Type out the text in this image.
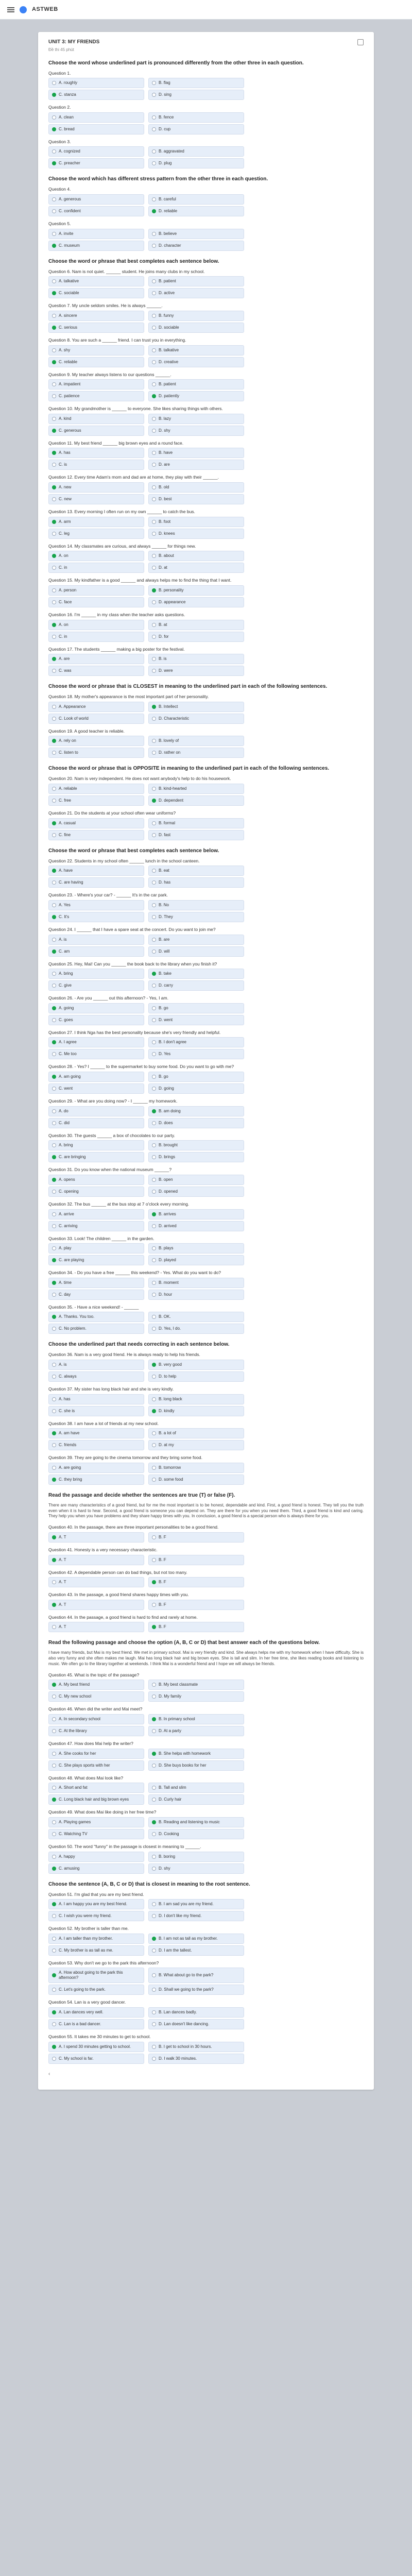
ASTWEB
UNIT 3: MY FRIENDS
Đề thi 45 phút
Choose the word whose underlined part is pronounced differently from the other three in each question.
Question 1.
A. roughly	B. flag
C. stanza	D. sing
Question 2.
A. clean	B. fence
C. bread	D. cup
Question 3.
A. cognized	B. aggravated
C. preacher	D. plug
Choose the word which has different stress pattern from the other three in each question.
Question 4.
A. generous	B. careful
C. confident	D. reliable
Question 5.
A. invite	B. believe
C. museum	D. character
Choose the word or phrase that best completes each sentence below.
Question 6. Nam is not quiet. ______ student. He joins many clubs in my school.
A. talkative	B. patient
C. sociable	D. active
Question 7. My uncle seldom smiles. He is always ______.
A. sincere	B. funny
C. serious	D. sociable
Question 8. You are such a ______ friend. I can trust you in everything.
A. shy	B. talkative
C. reliable	D. creative
Question 9. My teacher always listens to our questions ______.
A. impatient	B. patient
C. patience	D. patiently
Question 10. My grandmother is ______ to everyone. She likes sharing things with others.
A. kind	B. lazy
C. generous	D. shy
Question 11. My best friend ______ big brown eyes and a round face.
A. has	B. have
C. is	D. are
Question 12. Every time Adam's mom and dad are at home, they play with their ______.
A. new	B. old
C. new	D. best
Question 13. Every morning I often run on my own ______ to catch the bus.
A. arm	B. foot
C. leg	D. knees
Question 14. My classmates are curious, and always ______ for things new.
A. on	B. about
C. in	D. at
Question 15. My kindfather is a good ______ and always helps me to find the thing that I want.
A. person	B. personality
C. face	D. appearance
Question 16. I'm ______ in my class when the teacher asks questions.
A. on	B. at
C. in	D. for
Question 17. The students ______ making a big poster for the festival.
A. are	B. is
C. was	D. were
Choose the word or phrase that is CLOSEST in meaning to the underlined part in each of the following sentences.
Question 18. My mother's appearance is the most important part of her personality.
A. Appearance	B. Intellect
C. Look of world	D. Characteristic
Question 19. A good teacher is reliable.
A. rely on	B. lovely of
C. listen to	D. rather on
Choose the word or phrase that is OPPOSITE in meaning to the underlined part in each of the following sentences.
Question 20. Nam is very independent. He does not want anybody's help to do his housework.
A. reliable	B. kind-hearted
C. free	D. dependent
Question 21. Do the students at your school often wear uniforms?
A. casual	B. formal
C. fine	D. fast
Choose the word or phrase that best completes each sentence below.
Question 22. Students in my school often ______ lunch in the school canteen.
A. have	B. eat
C. are having	D. has
Question 23. - Where's your car? - ______ It's in the car park.
A. Yes	B. No
C. It's	D. They
Question 24. I ______ that I have a spare seat at the concert. Do you want to join me?
A. is	B. are
C. am	D. will
Question 25. Hey, Mai! Can you ______ the book back to the library when you finish it?
A. bring	B. take
C. give	D. carry
Question 26. - Are you ______ out this afternoon? - Yes, I am.
A. going	B. go
C. goes	D. went
Question 27. I think Nga has the best personality because she's very friendly and helpful.
A. I agree	B. I don't agree
C. Me too	D. Yes
Question 28. - Yes? I ______ to the supermarket to buy some food. Do you want to go with me?
A. am going	B. go
C. went	D. going
Question 29. - What are you doing now? - I ______ my homework.
A. do	B. am doing
C. did	D. does
Question 30. The guests ______ a box of chocolates to our party.
A. bring	B. brought
C. are bringing	D. brings
Question 31. Do you know when the national museum ______?
A. opens	B. open
C. opening	D. opened
Question 32. The bus ______ at the bus stop at 7 o'clock every morning.
A. arrive	B. arrives
C. arriving	D. arrived
Question 33. Look! The children ______ in the garden.
A. play	B. plays
C. are playing	D. played
Question 34. - Do you have a free ______ this weekend? - Yes. What do you want to do?
A. time	B. moment
C. day	D. hour
Question 35. - Have a nice weekend! - ______
A. Thanks. You too.	B. OK.
C. No problem.	D. Yes, I do.
Choose the underlined part that needs correcting in each sentence below.
Question 36. Nam is a very good friend. He is always ready to help his friends.
A. is	B. very good
C. always	D. to help
Question 37. My sister has long black hair and she is very kindly.
A. has	B. long black
C. she is	D. kindly
Question 38. I am have a lot of friends at my new school.
A. am have	B. a lot of
C. friends	D. at my
Question 39. They are going to the cinema tomorrow and they bring some food.
A. are going	B. tomorrow
C. they bring	D. some food
Read the passage and decide whether the sentences are true (T) or false (F).
There are many characteristics of a good friend, but for me the most important is to be honest, dependable and kind. First, a good friend is honest. They tell you the truth even when it is hard to hear. Second, a good friend is someone you can depend on. They are there for you when you need them. Third, a good friend is kind and caring. They help you when you have problems and they share happy times with you. In conclusion, a good friend is a special person who is always there for you.
Question 40. In the passage, there are three important personalities to be a good friend.
A. T	B. F
Question 41. Honesty is a very necessary characteristic.
A. T	B. F
Question 42. A dependable person can do bad things, but not too many.
A. T	B. F
Question 43. In the passage, a good friend shares happy times with you.
A. T	B. F
Question 44. In the passage, a good friend is hard to find and rarely at home.
A. T	B. F
Read the following passage and choose the option (A, B, C or D) that best answer each of the questions below.
I have many friends, but Mai is my best friend. We met in primary school. Mai is very friendly and kind. She always helps me with my homework when I have difficulty. She is also very funny and she often makes me laugh. Mai has long black hair and big brown eyes. She is tall and slim. In her free time, she likes reading books and listening to music. We often go to the library together at weekends. I think Mai is a wonderful friend and I hope we will always be friends.
Question 45. What is the topic of the passage?
A. My best friend	B. My best classmate
C. My new school	D. My family
Question 46. When did the writer and Mai meet?
A. In secondary school	B. In primary school
C. At the library	D. At a party
Question 47. How does Mai help the writer?
A. She cooks for her	B. She helps with homework
C. She plays sports with her	D. She buys books for her
Question 48. What does Mai look like?
A. Short and fat	B. Tall and slim
C. Long black hair and big brown eyes	D. Curly hair
Question 49. What does Mai like doing in her free time?
A. Playing games	B. Reading and listening to music
C. Watching TV	D. Cooking
Question 50. The word "funny" in the passage is closest in meaning to ______.
A. happy	B. boring
C. amusing	D. shy
Choose the sentence (A, B, C or D) that is closest in meaning to the root sentence.
Question 51. I'm glad that you are my best friend.
A. I am happy you are my best friend.	B. I am sad you are my friend.
C. I wish you were my friend.	D. I don't like my friend.
Question 52. My brother is taller than me.
A. I am taller than my brother.	B. I am not as tall as my brother.
C. My brother is as tall as me.	D. I am the tallest.
Question 53. Why don't we go to the park this afternoon?
A. How about going to the park this afternoon?
B. What about go to the park?
C. Let's going to the park.	D. Shall we going to the park?
Question 54. Lan is a very good dancer.
A. Lan dances very well.	B. Lan dances badly.
C. Lan is a bad dancer.	D. Lan doesn't like dancing.
Question 55. It takes me 30 minutes to get to school.
A. I spend 30 minutes getting to school.	B. I get to school in 30 hours.
C. My school is far.	D. I walk 30 minutes.
‹
